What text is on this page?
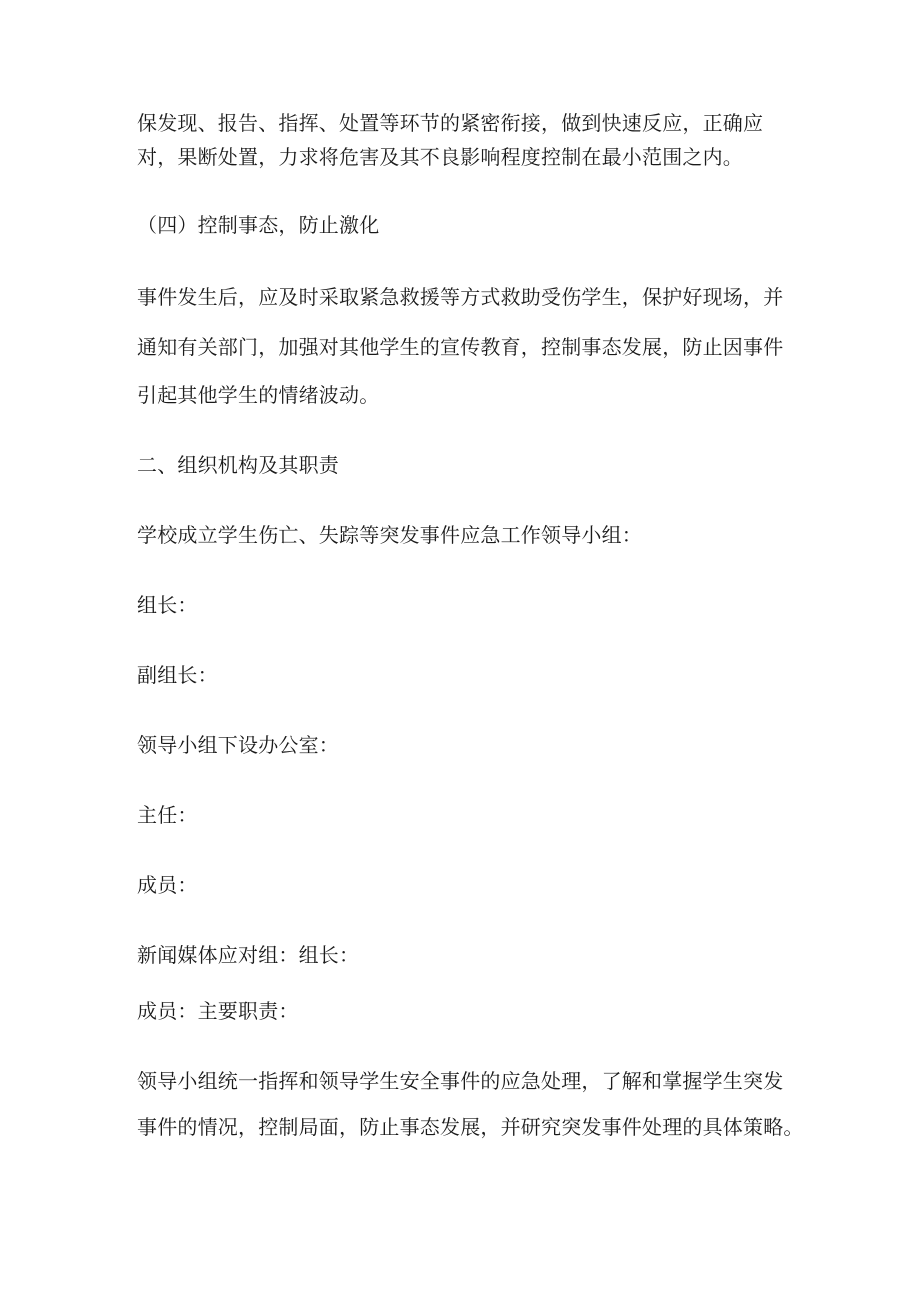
保发现、报告、指挥、处置等环节的紧密衔接，做到快速反应，正确应
对，果断处置，力求将危害及其不良影响程度控制在最小范围之内。
（四）控制事态，防止激化
事件发生后，应及时采取紧急救援等方式救助受伤学生，保护好现场，并
通知有关部门，加强对其他学生的宣传教育，控制事态发展，防止因事件
引起其他学生的情绪波动。
二、组织机构及其职责
学校成立学生伤亡、失踪等突发事件应急工作领导小组：
组长：
副组长：
领导小组下设办公室：
主任：
成员：
新闻媒体应对组：组长：
成员：主要职责：
领导小组统一指挥和领导学生安全事件的应急处理，了解和掌握学生突发
事件的情况，控制局面，防止事态发展，并研究突发事件处理的具体策略。
